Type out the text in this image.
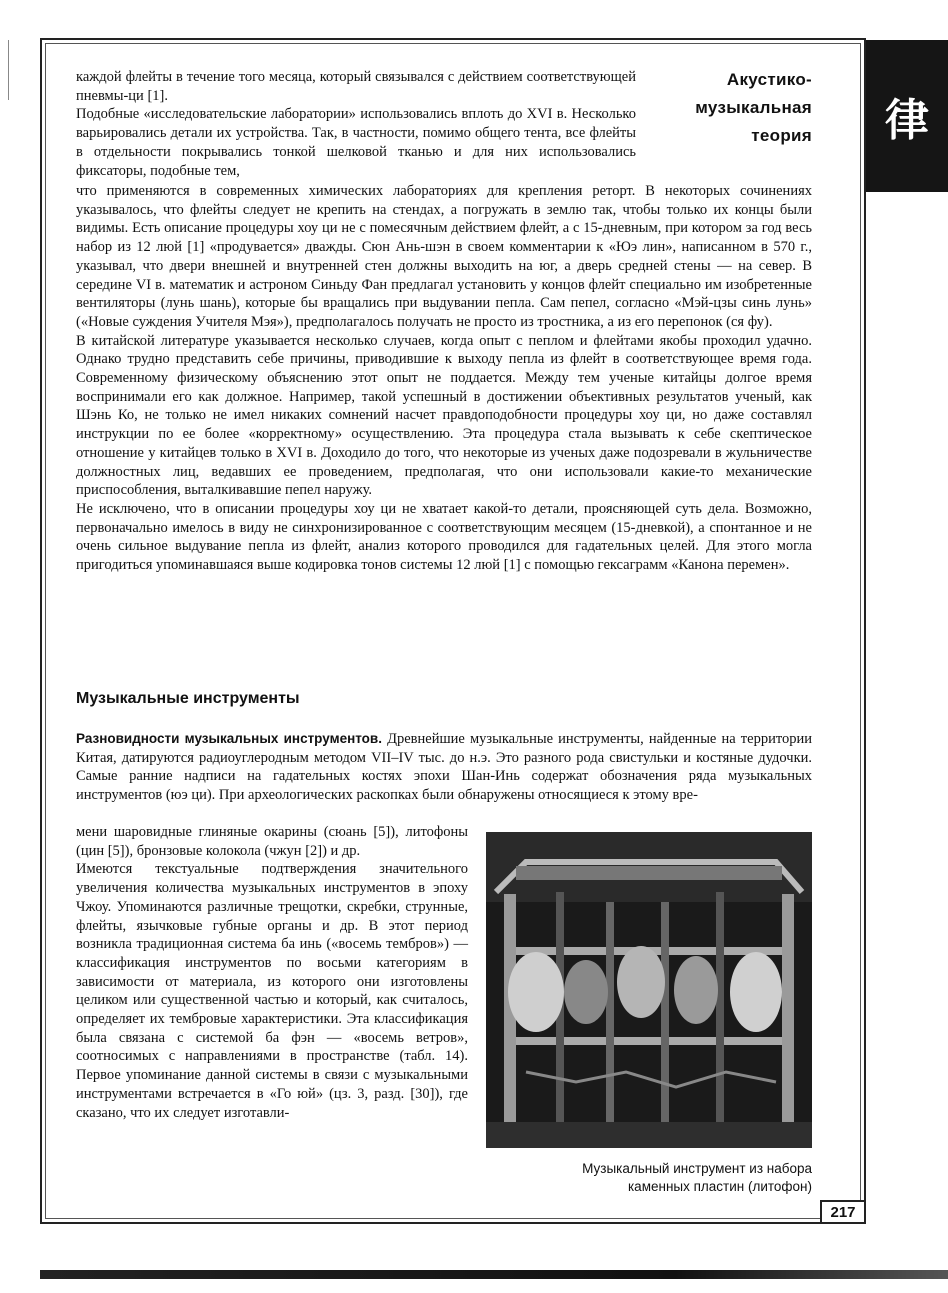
律
Акустико-
музыкальная
теория

каждой флейты в течение того месяца, который связывался с действием соответствующей пневмы-ци [1].

Подобные «исследовательские лаборатории» использовались вплоть до XVI в. Несколько варьировались детали их устройства. Так, в частности, помимо общего тента, все флейты в отдельности покрывались тонкой шелковой тканью и для них использовались фиксаторы, подобные тем,

что применяются в современных химических лабораториях для крепления реторт. В некоторых сочинениях указывалось, что флейты следует не крепить на стендах, а погружать в землю так, чтобы только их концы были видимы. Есть описание процедуры хоу ци не с помесячным действием флейт, а с 15-дневным, при котором за год весь набор из 12 люй [1] «продувается» дважды. Сюн Ань-шэн в своем комментарии к «Юэ лин», написанном в 570 г., указывал, что двери внешней и внутренней стен должны выходить на юг, а дверь средней стены — на север. В середине VI в. математик и астроном Синьду Фан предлагал установить у концов флейт специально им изобретенные вентиляторы (лунь шань), которые бы вращались при выдувании пепла. Сам пепел, согласно «Мэй-цзы синь лунь» («Новые суждения Учителя Мэя»), предполагалось получать не просто из тростника, а из его перепонок (ся фу).

В китайской литературе указывается несколько случаев, когда опыт с пеплом и флейтами якобы проходил удачно. Однако трудно представить себе причины, приводившие к выходу пепла из флейт в соответствующее время года. Современному физическому объяснению этот опыт не поддается. Между тем ученые китайцы долгое время воспринимали его как должное. Например, такой успешный в достижении объективных результатов ученый, как Шэнь Ко, не только не имел никаких сомнений насчет правдоподобности процедуры хоу ци, но даже составлял инструкции по ее более «корректному» осуществлению. Эта процедура стала вызывать к себе скептическое отношение у китайцев только в XVI в. Доходило до того, что некоторые из ученых даже подозревали в жульничестве должностных лиц, ведавших ее проведением, предполагая, что они использовали какие-то механические приспособления, выталкивавшие пепел наружу.

Не исключено, что в описании процедуры хоу ци не хватает какой-то детали, проясняющей суть дела. Возможно, первоначально имелось в виду не синхронизированное с соответствующим месяцем (15-дневкой), а спонтанное и не очень сильное выдувание пепла из флейт, анализ которого проводился для гадательных целей. Для этого могла пригодиться упоминавшаяся выше кодировка тонов системы 12 люй [1] с помощью гексаграмм «Канона перемен».

Музыкальные инструменты

Разновидности музыкальных инструментов. Древнейшие музыкальные инструменты, найденные на территории Китая, датируются радиоуглеродным методом VII–IV тыс. до н.э. Это разного рода свистульки и костяные дудочки. Самые ранние надписи на гадательных костях эпохи Шан-Инь содержат обозначения ряда музыкальных инструментов (юэ ци). При археологических раскопках были обнаружены относящиеся к этому вре-

мени шаровидные глиняные окарины (сюань [5]), литофоны (цин [5]), бронзовые колокола (чжун [2]) и др.

Имеются текстуальные подтверждения значительного увеличения количества музыкальных инструментов в эпоху Чжоу. Упоминаются различные трещотки, скребки, струнные, флейты, язычковые губные органы и др. В этот период возникла традиционная система ба инь («восемь тембров») — классификация инструментов по восьми категориям в зависимости от материала, из которого они изготовлены целиком или существенной частью и который, как считалось, определяет их тембровые характеристики. Эта классификация была связана с системой ба фэн — «восемь ветров», соотносимых с направлениями в пространстве (табл. 14). Первое упоминание данной системы в связи с музыкальными инструментами встречается в «Го юй» (цз. 3, разд. [30]), где сказано, что их следует изготавли-

Музыкальный инструмент из набора
каменных пластин (литофон)
217
